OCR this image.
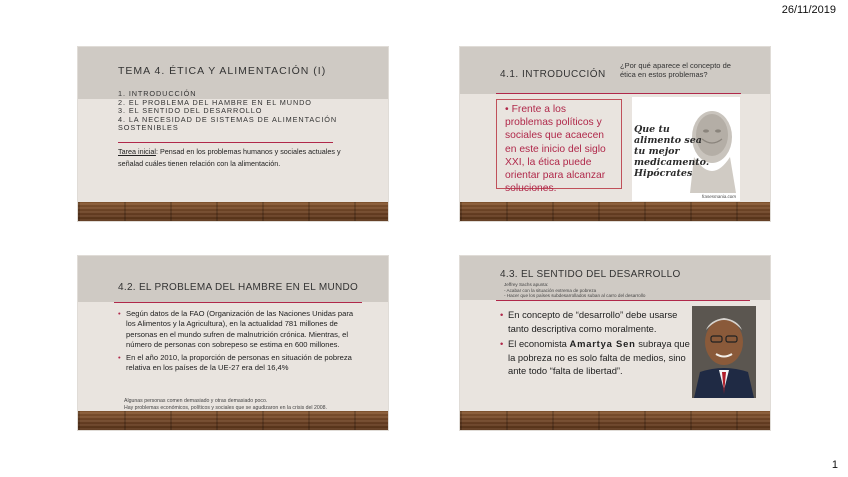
26/11/2019
TEMA 4. ÉTICA Y ALIMENTACIÓN (I)
1. INTRODUCCIÓN
2. EL PROBLEMA DEL HAMBRE EN EL MUNDO
3. EL SENTIDO DEL DESARROLLO
4. LA NECESIDAD DE SISTEMAS DE ALIMENTACIÓN
SOSTENIBLES
Tarea inicial: Pensad en los problemas humanos y sociales actuales y señalad cuáles tienen relación con la alimentación.
4.1. INTRODUCCIÓN
¿Por qué aparece el concepto de ética en estos problemas?
• Frente a los problemas políticos y sociales que acaecen en este inicio del siglo XXI, la ética puede orientar para alcanzar soluciones.
Que tu
alimento sea
tu mejor
medicamento.
Hipócrates
frasesmania.com
4.2. EL PROBLEMA DEL HAMBRE EN EL MUNDO
• Según datos de la FAO (Organización de las Naciones Unidas para los Alimentos y la Agricultura), en la actualidad 781 millones de personas en el mundo sufren de malnutrición crónica. Mientras, el número de personas con sobrepeso se estima en 600 millones.
• En el año 2010, la proporción de personas en situación de pobreza relativa en los países de la UE-27 era del 16,4%
Algunas personas comen demasiado y otras demasiado poco.
Hay problemas económicos, políticos y sociales que se agudizaron en la crisis del 2008.
4.3. EL SENTIDO DEL DESARROLLO
Jeffrey Sachs apunta:
- Acabar con la situación extrema de pobreza
- Hacer que los países subdesarrollados suban al carro del desarrollo
• En concepto de “desarrollo” debe usarse tanto descriptiva como moralmente.
• El economista Amartya Sen subraya que la pobreza no es solo falta de medios, sino ante todo “falta de libertad”.
1
